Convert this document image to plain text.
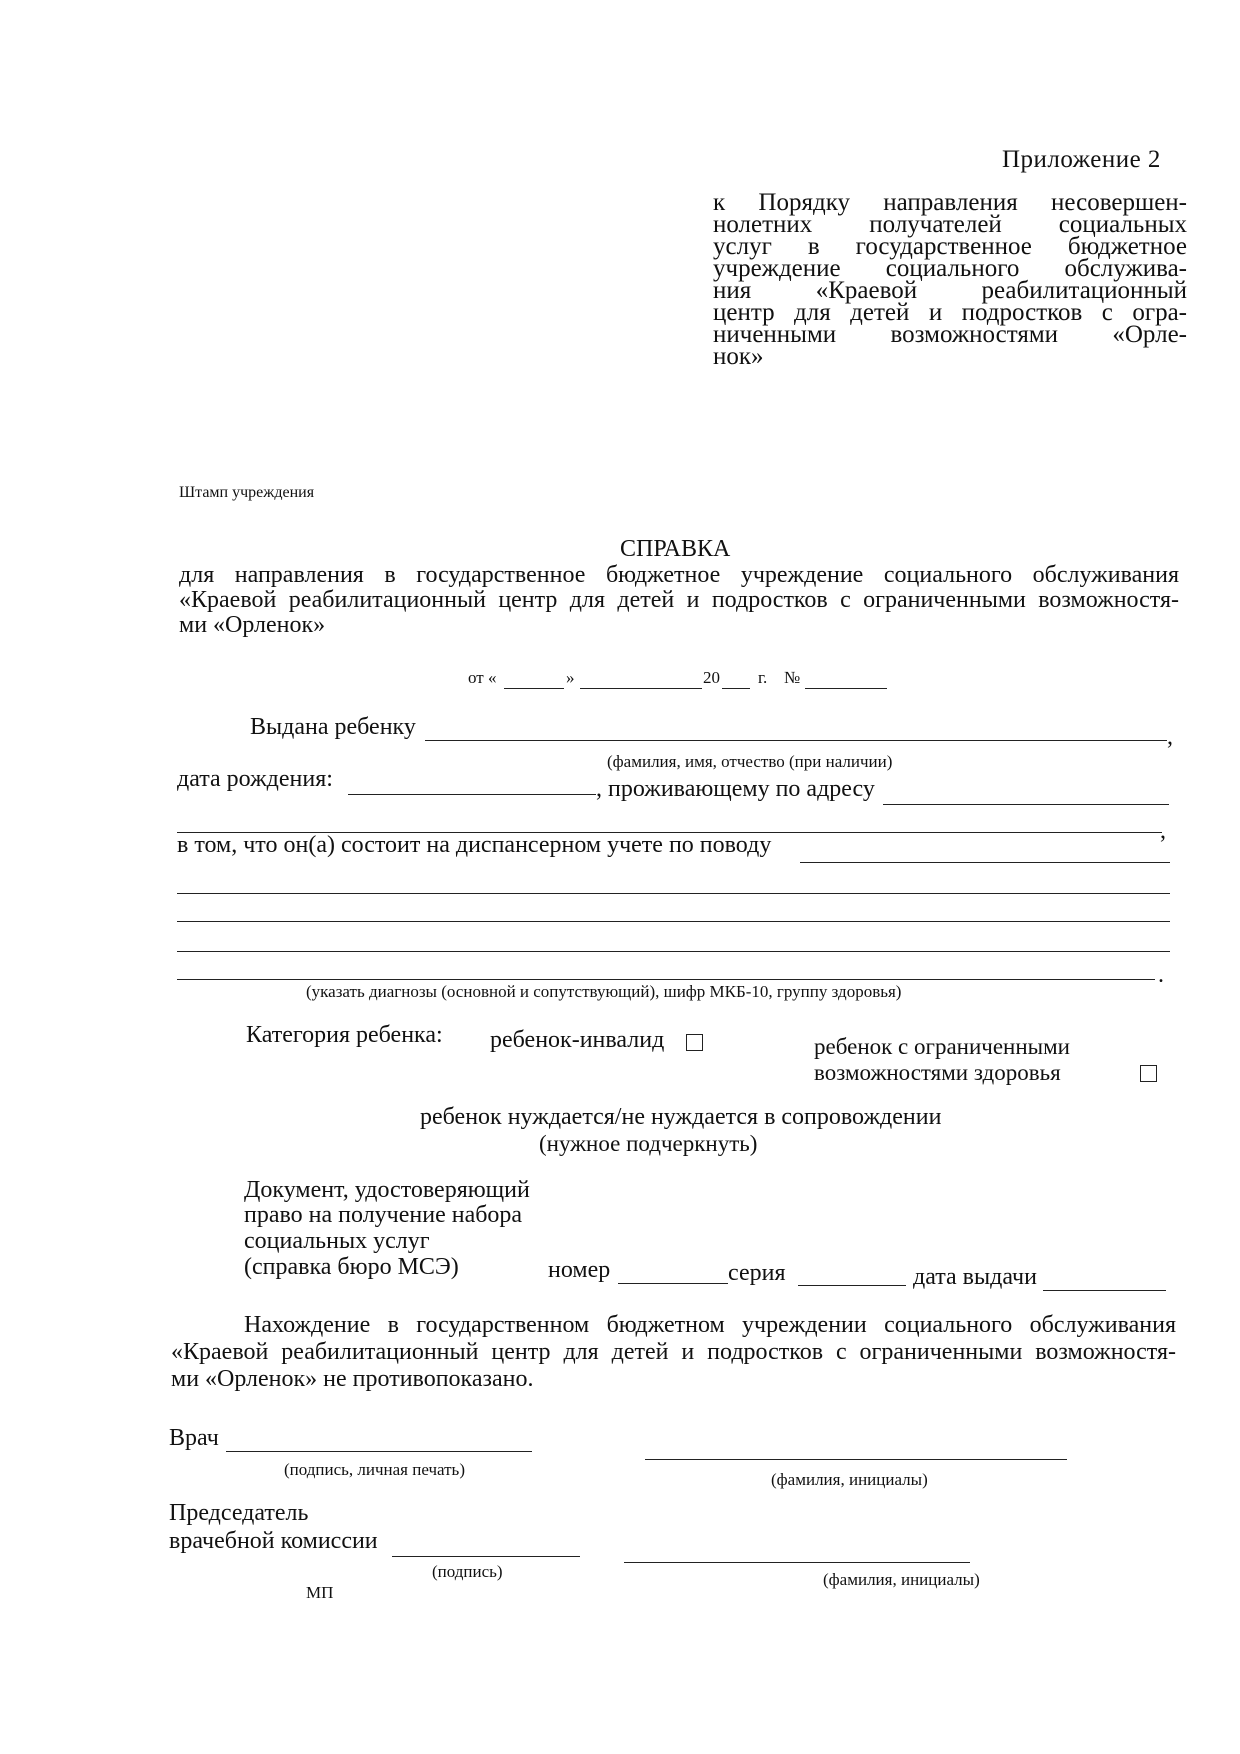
Приложение 2
к Порядку направления несовершен-
нолетних получателей социальных
услуг в государственное бюджетное
учреждение социального обслужива-
ния «Краевой реабилитационный
центр для детей и подростков с огра-
ниченными возможностями «Орле-
нок»
Штамп учреждения
СПРАВКА
для направления в государственное бюджетное учреждение социального обслуживания
«Краевой реабилитационный центр для детей и подростков с ограниченными возможностя-
ми «Орленок»
от «	»	20 г. №
Выдана ребенку	,
(фамилия, имя, отчество (при наличии)
дата рождения:	, проживающему по адресу
,
в том, что он(а) состоит на диспансерном учете по поводу
.
(указать диагнозы (основной и сопутствующий), шифр МКБ-10, группу здоровья)
Категория ребенка: ребенок-инвалид	ребенок с ограниченными
возможностями здоровья
ребенок нуждается/не нуждается в сопровождении
(нужное подчеркнуть)
Документ, удостоверяющий
право на получение набора
социальных услуг
(справка бюро МСЭ)	номер	серия	дата выдачи
Нахождение в государственном бюджетном учреждении социального обслуживания
«Краевой реабилитационный центр для детей и подростков с ограниченными возможностя-
ми «Орленок» не противопоказано.
Врач
(подпись, личная печать)
(фамилия, инициалы)
Председатель
врачебной комиссии
(подпись)	(фамилия, инициалы)
МП
